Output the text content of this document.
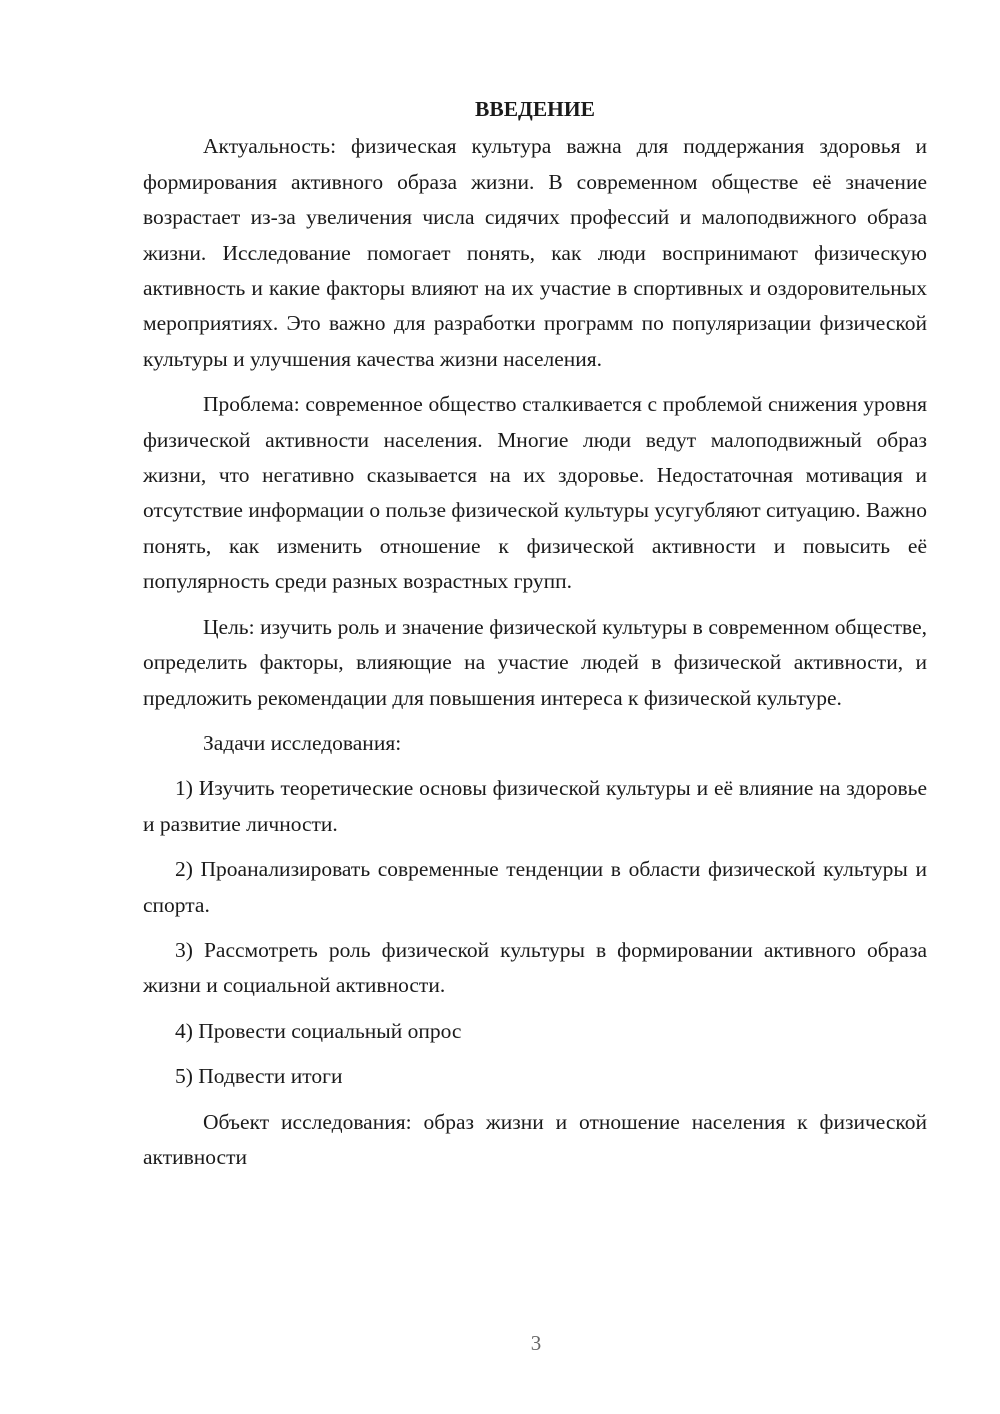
ВВЕДЕНИЕ

Актуальность: физическая культура важна для поддержания здоровья и формирования активного образа жизни. В современном обществе её значение возрастает из-за увеличения числа сидячих профессий и малоподвижного образа жизни. Исследование помогает понять, как люди воспринимают физическую активность и какие факторы влияют на их участие в спортивных и оздоровительных мероприятиях. Это важно для разработки программ по популяризации физической культуры и улучшения качества жизни населения.

Проблема: современное общество сталкивается с проблемой снижения уровня физической активности населения. Многие люди ведут малоподвижный образ жизни, что негативно сказывается на их здоровье. Недостаточная мотивация и отсутствие информации о пользе физической культуры усугубляют ситуацию. Важно понять, как изменить отношение к физической активности и повысить её популярность среди разных возрастных групп.

Цель: изучить роль и значение физической культуры в современном обществе, определить факторы, влияющие на участие людей в физической активности, и предложить рекомендации для повышения интереса к физической культуре.

Задачи исследования:

1) Изучить теоретические основы физической культуры и её влияние на здоровье и развитие личности.

2) Проанализировать современные тенденции в области физической культуры и спорта.

3) Рассмотреть роль физической культуры в формировании активного образа жизни и социальной активности.

4) Провести социальный опрос

5) Подвести итоги

Объект исследования: образ жизни и отношение населения к физической активности

3
